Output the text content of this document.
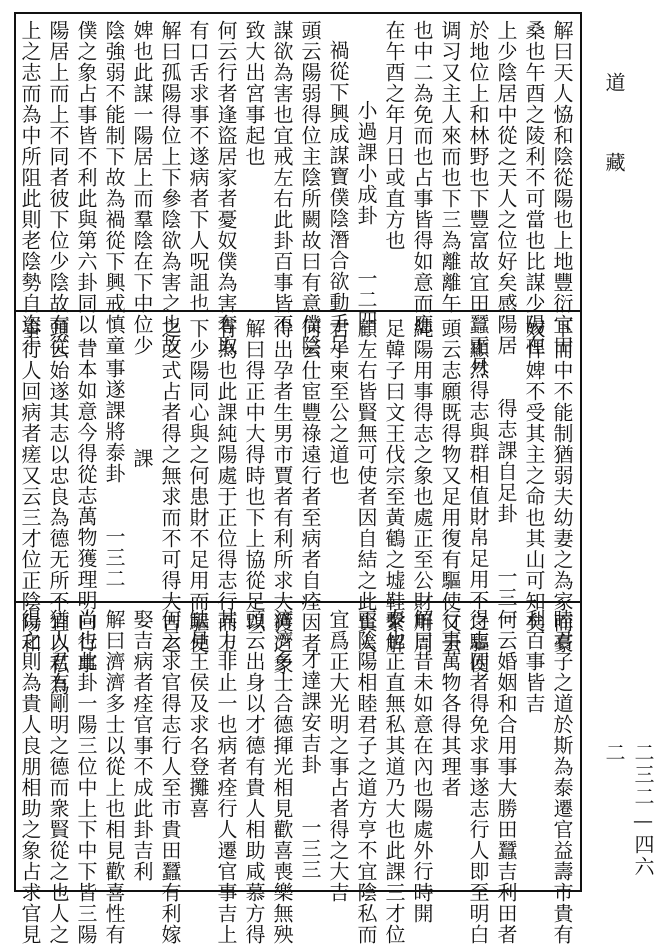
解曰天人恊和陰從陽也上地豐衍宜田
桑也午酉之陵利不可當也比謀少陽在
上少陰居中從之天人之位好矣感陽居
於地位上和林野也下豐富故宜田蠶正月
调习又主人來而也下三為離離午
也中二為免而也占事皆得如意而應
在午酉之年月日或直方也
小過課小成卦　　一二四
禍從下興成謀寶僕陰潛合欲動手足
頭云陽弱得位主陰所闕故曰有意僕陰
謀欲為害也宜戒左右此卦百事皆不
致大出宮事起也
何云行者逢盜居家者憂奴僕為害奪取
有口舌求事不遂病者下人呪詛也
解曰孤陽得位上下參陰欲為害之也故
婢也此謀一陽居上而羣陰在下中位少
陰強弱不能制下故為禍從下興戒慎童
僕之象占事皆不利此與第六卦同以一
陽居上而上不同者彼下位少陰故有從
上之志而為中所阻此則老陰勢自恣于
下而中不能制猶弱夫幼妻之為家而豪
奴悍婢不受其主之命也其山可知矣
得志課自足卦　　一三一
顯然得志與群相值財帛足用不之驅使
頭云志願既得物又足用復有驅使又云
純陽用事得志之象也處正至公財用周
足韓子曰文王伐宗至黃鶴之墟鞋繫解
顧左右皆賢無可使者因自結之此賢人
君子柬至公之道也
何云仕宦豐祿遠行者至病者自痊因者
得出孕者生男市賈者有利所求大獲之象
解曰得正中大得時也下上協從足以
有為也此課純陽處于正位得志行而上
下少陽同心與之何患財不足用而驅使
之之式占者得之無求而不可得大吉之
課
事遂課將泰卦　　一三二
昔本如意今得從志萬物獲理明白行事
頭云始遂其志以忠良為德无所不宜以私為
事行人回病者瘥又云三才位正陰陽和
睦君子之道於斯為泰遷官益壽市貴有
利百事皆吉
何云婚姻和合用事大勝田蠶吉利田者
得志囚者得免求事遂志行人即至明白
行事萬物各得其理者
解曰昔未如意在內也陽處外行時開
泰也正直無私其道乃大也此課三才位
正陰陽相睦君子之道方亨不宜陰私而
宜爲正大光明之事占者得之大吉
才達課安吉卦　　一三三
濟濟多士合德揮光相見歡喜喪樂無殃
頭云出身以才德有貴人相助咸慕方得
其力非止一也病者痊行人遷官事吉上
缺見王侯及求名登攤喜
何云求官得志行人至市貴田蠶有利嫁
娶吉病者痊官事不成此卦吉利
解曰濟濟多士以從上也相見歡喜性有
尚也此卦一陽三位中上下中下皆三陽
猶人君有剛明之德而衆賢從之也人之
得之則為貴人良朋相助之象占求官見
道 藏
二三二—四六二
